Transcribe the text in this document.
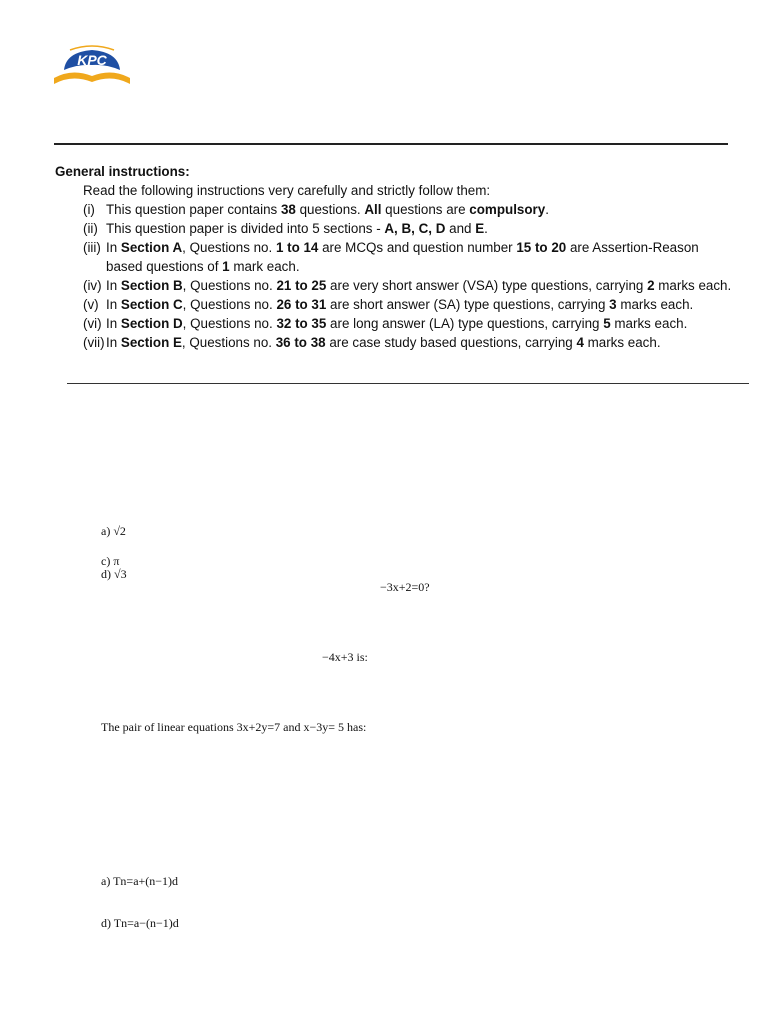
KPC

General instructions:

Read the following instructions very carefully and strictly follow them:

(i) This question paper contains 38 questions. All questions are compulsory.
(ii) This question paper is divided into 5 sections - A, B, C, D and E.
(iii) In Section A, Questions no. 1 to 14 are MCQs and question number 15 to 20 are Assertion-Reason based questions of 1 mark each.
(iv) In Section B, Questions no. 21 to 25 are very short answer (VSA) type questions, carrying 2 marks each.
(v) In Section C, Questions no. 26 to 31 are short answer (SA) type questions, carrying 3 marks each.
(vi) In Section D, Questions no. 32 to 35 are long answer (LA) type questions, carrying 5 marks each.
(vii) In Section E, Questions no. 36 to 38 are case study based questions, carrying 4 marks each.
a) √2
c) π
d) √3
−3x+2=0?
−4x+3 is:
The pair of linear equations 3x+2y=7 and x−3y= 5 has:
a) Tn=a+(n−1)d
d) Tn=a−(n−1)d
